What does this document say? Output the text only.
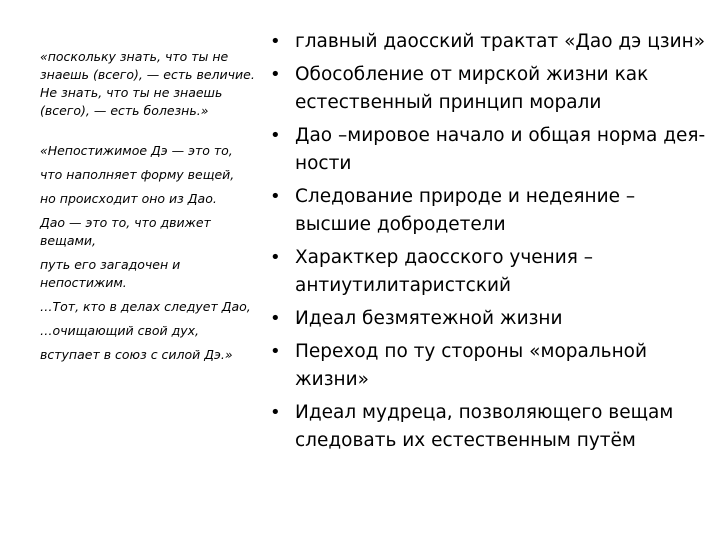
«поскольку знать, что ты не знаешь (всего), — есть величие. Не знать, что ты не знаешь (всего), — есть болезнь.»

«Непостижимое Дэ — это то,
что наполняет форму вещей,
но происходит оно из Дао.
Дао — это то, что движет вещами,
путь его загадочен и непостижим.
…Тот, кто в делах следует Дао,
…очищающий свой дух,
вступает в союз с силой Дэ.»

• главный даосский трактат «Дао дэ цзин»
• Обособление от мирской жизни как естественный принцип морали
• Дао –мировое начало и общая норма дея-ности
• Следование природе и недеяние –высшие добродетели
• Характкер даосского учения – антиутилитаристский
• Идеал безмятежной жизни
• Переход по ту стороны «моральной жизни»
• Идеал мудреца, позволяющего вещам следовать их естественным путём
